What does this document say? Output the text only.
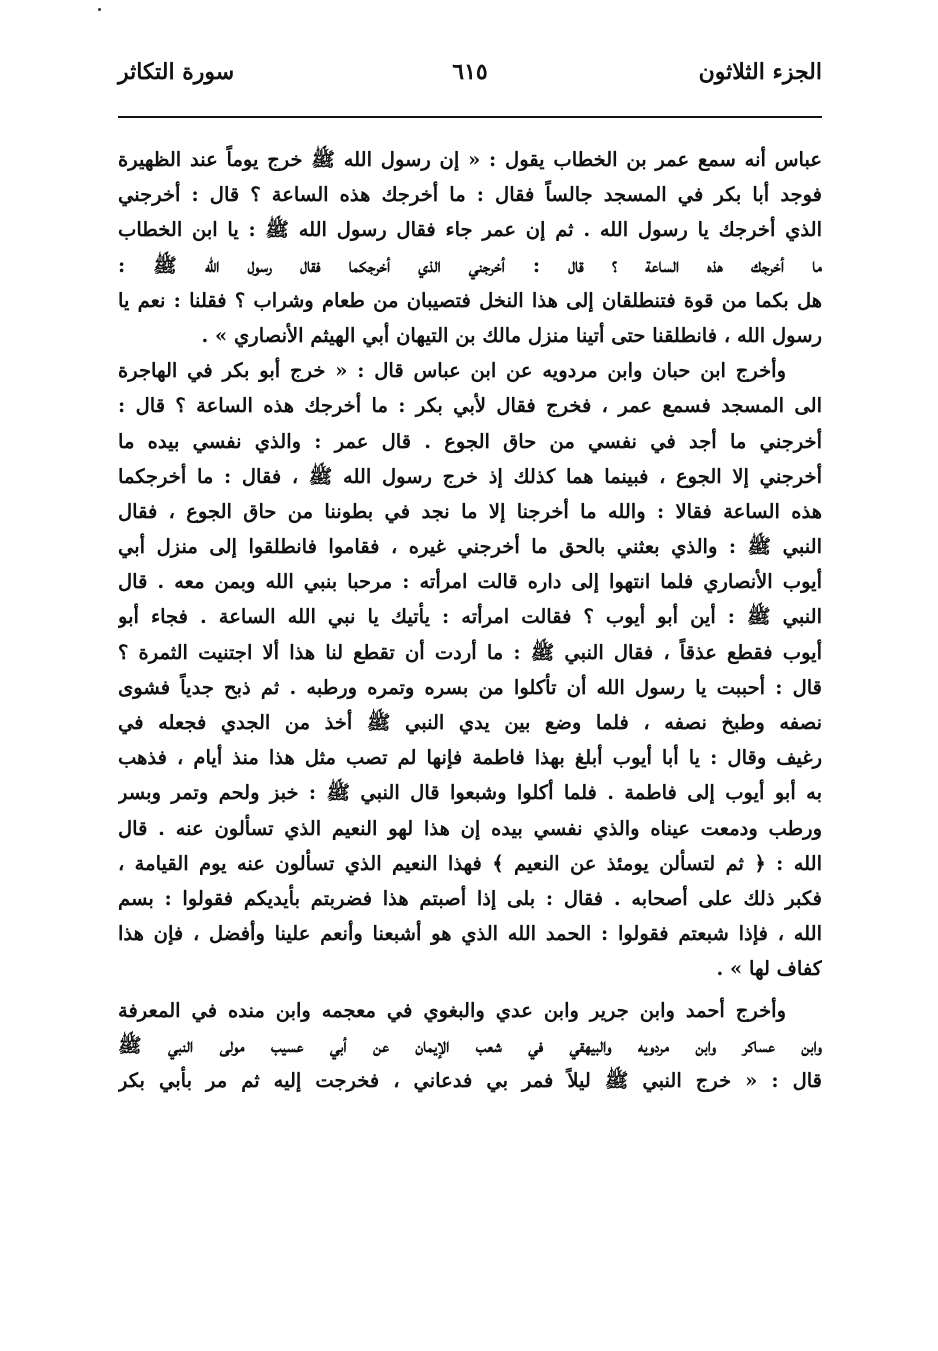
الجزء الثلاثون
٦١٥
سورة التكاثر
عباس أنه سمع عمر بن الخطاب يقول : « إن رسول الله ﷺ خرج يوماً عند الظهيرة
فوجد أبا بكر في المسجد جالساً فقال : ما أخرجك هذه الساعة ؟ قال : أخرجني
الذي أخرجك يا رسول الله . ثم إن عمر جاء فقال رسول الله ﷺ : يا ابن الخطاب
ما أخرجك هذه الساعة ؟ قال : أخرجني الذي أخرجكما فقال رسول الله ﷺ :
هل بكما من قوة فتنطلقان إلى هذا النخل فتصيبان من طعام وشراب ؟ فقلنا : نعم يا
رسول الله ، فانطلقنا حتى أتينا منزل مالك بن التيهان أبي الهيثم الأنصاري » .
وأخرج ابن حبان وابن مردويه عن ابن عباس قال : « خرج أبو بكر في الهاجرة
الى المسجد فسمع عمر ، فخرج فقال لأبي بكر : ما أخرجك هذه الساعة ؟ قال :
أخرجني ما أجد في نفسي من حاق الجوع . قال عمر : والذي نفسي بيده ما
أخرجني إلا الجوع ، فبينما هما كذلك إذ خرج رسول الله ﷺ ، فقال : ما أخرجكما
هذه الساعة فقالا : والله ما أخرجنا إلا ما نجد في بطوننا من حاق الجوع ، فقال
النبي ﷺ : والذي بعثني بالحق ما أخرجني غيره ، فقاموا فانطلقوا إلى منزل أبي
أيوب الأنصاري فلما انتهوا إلى داره قالت امرأته : مرحبا بنبي الله وبمن معه . قال
النبي ﷺ : أين أبو أيوب ؟ فقالت امرأته : يأتيك يا نبي الله الساعة . فجاء أبو
أيوب فقطع عذقاً ، فقال النبي ﷺ : ما أردت أن تقطع لنا هذا ألا اجتنيت الثمرة ؟
قال : أحببت يا رسول الله أن تأكلوا من بسره وتمره ورطبه . ثم ذبح جدياً فشوى
نصفه وطبخ نصفه ، فلما وضع بين يدي النبي ﷺ أخذ من الجدي فجعله في
رغيف وقال : يا أبا أيوب أبلغ بهذا فاطمة فإنها لم تصب مثل هذا منذ أيام ، فذهب
به أبو أيوب إلى فاطمة . فلما أكلوا وشبعوا قال النبي ﷺ : خبز ولحم وتمر وبسر
ورطب ودمعت عيناه والذي نفسي بيده إن هذا لهو النعيم الذي تسألون عنه . قال
الله : ﴿ ثم لتسألن يومئذ عن النعيم ﴾ فهذا النعيم الذي تسألون عنه يوم القيامة ،
فكبر ذلك على أصحابه . فقال : بلى إذا أصبتم هذا فضربتم بأيديكم فقولوا : بسم
الله ، فإذا شبعتم فقولوا : الحمد الله الذي هو أشبعنا وأنعم علينا وأفضل ، فإن هذا
كفاف لها » .
وأخرج أحمد وابن جرير وابن عدي والبغوي في معجمه وابن منده في المعرفة
وابن عساكر وابن مردويه والبيهقي في شعب الإيمان عن أبي عسيب مولى النبي ﷺ
قال : « خرج النبي ﷺ ليلاً فمر بي فدعاني ، فخرجت إليه ثم مر بأبي بكر
